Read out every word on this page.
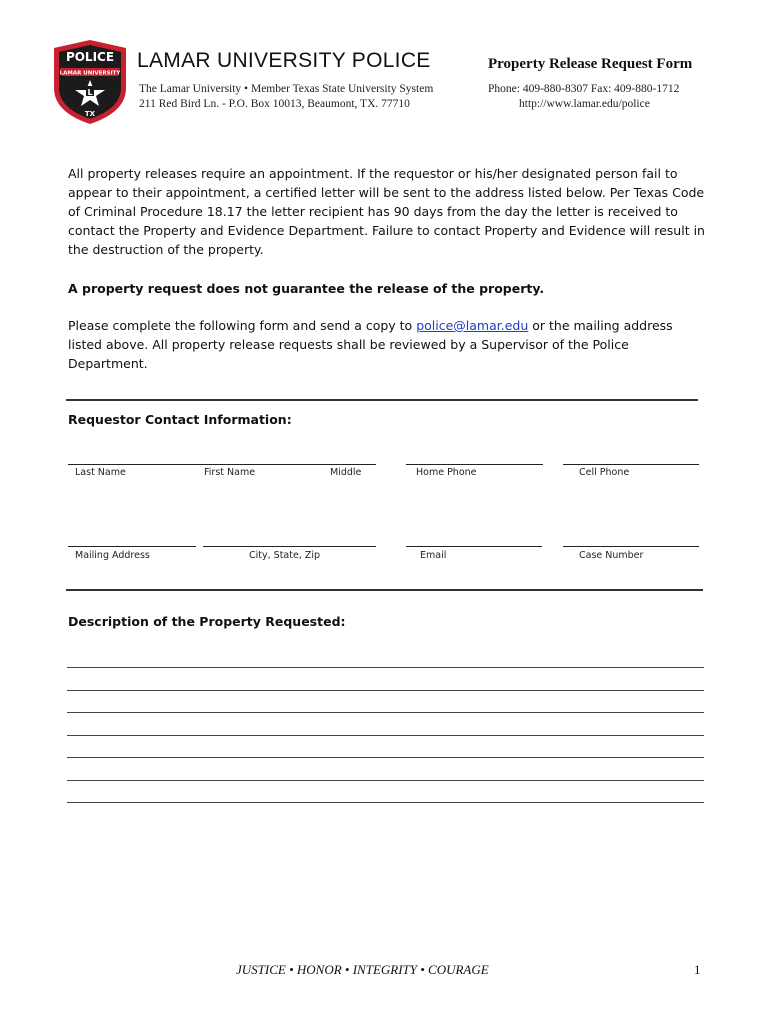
POLICE
LAMAR UNIVERSITY
L
TX
LAMAR UNIVERSITY POLICE
The Lamar University • Member Texas State University System
211 Red Bird Ln. - P.O. Box 10013, Beaumont, TX. 77710
Property Release Request Form
Phone: 409-880-8307 Fax: 409-880-1712
http://www.lamar.edu/police
All property releases require an appointment. If the requestor or his/her designated person fail to appear to their appointment, a certified letter will be sent to the address listed below. Per Texas Code of Criminal Procedure 18.17 the letter recipient has 90 days from the day the letter is received to contact the Property and Evidence Department. Failure to contact Property and Evidence will result in the destruction of the property.
A property request does not guarantee the release of the property.
Please complete the following form and send a copy to police@lamar.edu or the mailing address listed above. All property release requests shall be reviewed by a Supervisor of the Police Department.
Requestor Contact Information:
Last Name	First Name	Middle	Home Phone	Cell Phone
Mailing Address	City, State, Zip	Email	Case Number
Description of the Property Requested:
JUSTICE • HONOR • INTEGRITY • COURAGE	1
